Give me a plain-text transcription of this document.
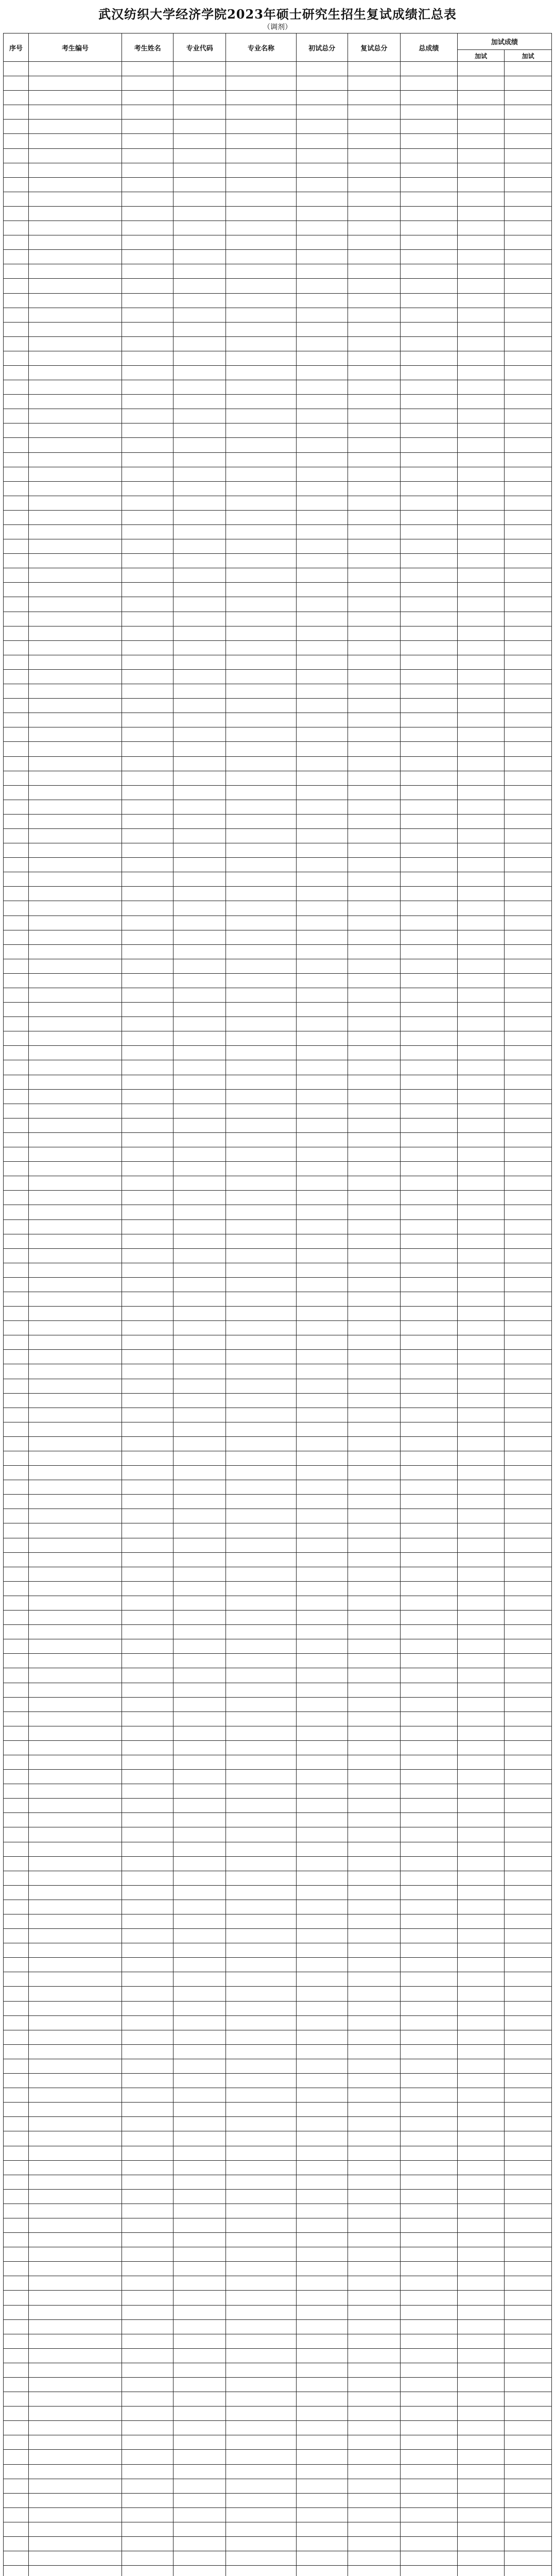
武汉纺织大学经济学院2023年硕士研究生招生复试成绩汇总表
（调剂）
序号	考生编号	考生姓名	专业代码	专业名称	初试总分	复试总分	总成绩	加试成绩	
								加试	加试
